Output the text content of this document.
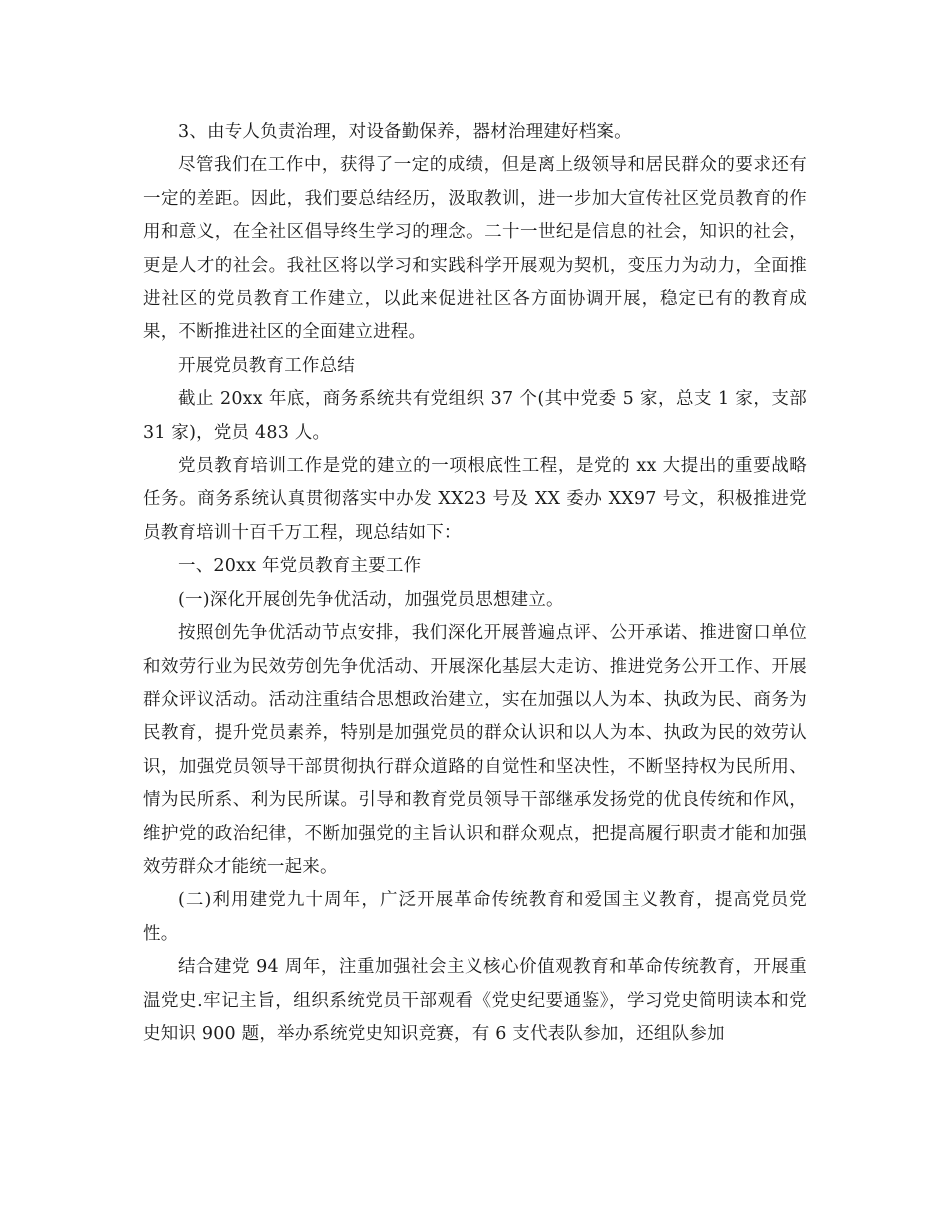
3、由专人负责治理，对设备勤保养，器材治理建好档案。

尽管我们在工作中，获得了一定的成绩，但是离上级领导和居民群众的要求还有一定的差距。因此，我们要总结经历，汲取教训，进一步加大宣传社区党员教育的作用和意义，在全社区倡导终生学习的理念。二十一世纪是信息的社会，知识的社会，更是人才的社会。我社区将以学习和实践科学开展观为契机，变压力为动力，全面推进社区的党员教育工作建立，以此来促进社区各方面协调开展，稳定已有的教育成果，不断推进社区的全面建立进程。

开展党员教育工作总结

截止 20xx 年底，商务系统共有党组织 37 个(其中党委 5 家，总支 1 家，支部 31 家)，党员 483 人。

党员教育培训工作是党的建立的一项根底性工程，是党的 xx 大提出的重要战略任务。商务系统认真贯彻落实中办发 XX23 号及 XX 委办 XX97 号文，积极推进党员教育培训十百千万工程，现总结如下：

一、20xx 年党员教育主要工作

(一)深化开展创先争优活动，加强党员思想建立。

按照创先争优活动节点安排，我们深化开展普遍点评、公开承诺、推进窗口单位和效劳行业为民效劳创先争优活动、开展深化基层大走访、推进党务公开工作、开展群众评议活动。活动注重结合思想政治建立，实在加强以人为本、执政为民、商务为民教育，提升党员素养，特别是加强党员的群众认识和以人为本、执政为民的效劳认识，加强党员领导干部贯彻执行群众道路的自觉性和坚决性，不断坚持权为民所用、情为民所系、利为民所谋。引导和教育党员领导干部继承发扬党的优良传统和作风，维护党的政治纪律，不断加强党的主旨认识和群众观点，把提高履行职责才能和加强效劳群众才能统一起来。

(二)利用建党九十周年，广泛开展革命传统教育和爱国主义教育，提高党员党性。

结合建党 94 周年，注重加强社会主义核心价值观教育和革命传统教育，开展重温党史.牢记主旨，组织系统党员干部观看《党史纪要通鉴》，学习党史简明读本和党史知识 900 题，举办系统党史知识竞赛，有 6 支代表队参加，还组队参加
